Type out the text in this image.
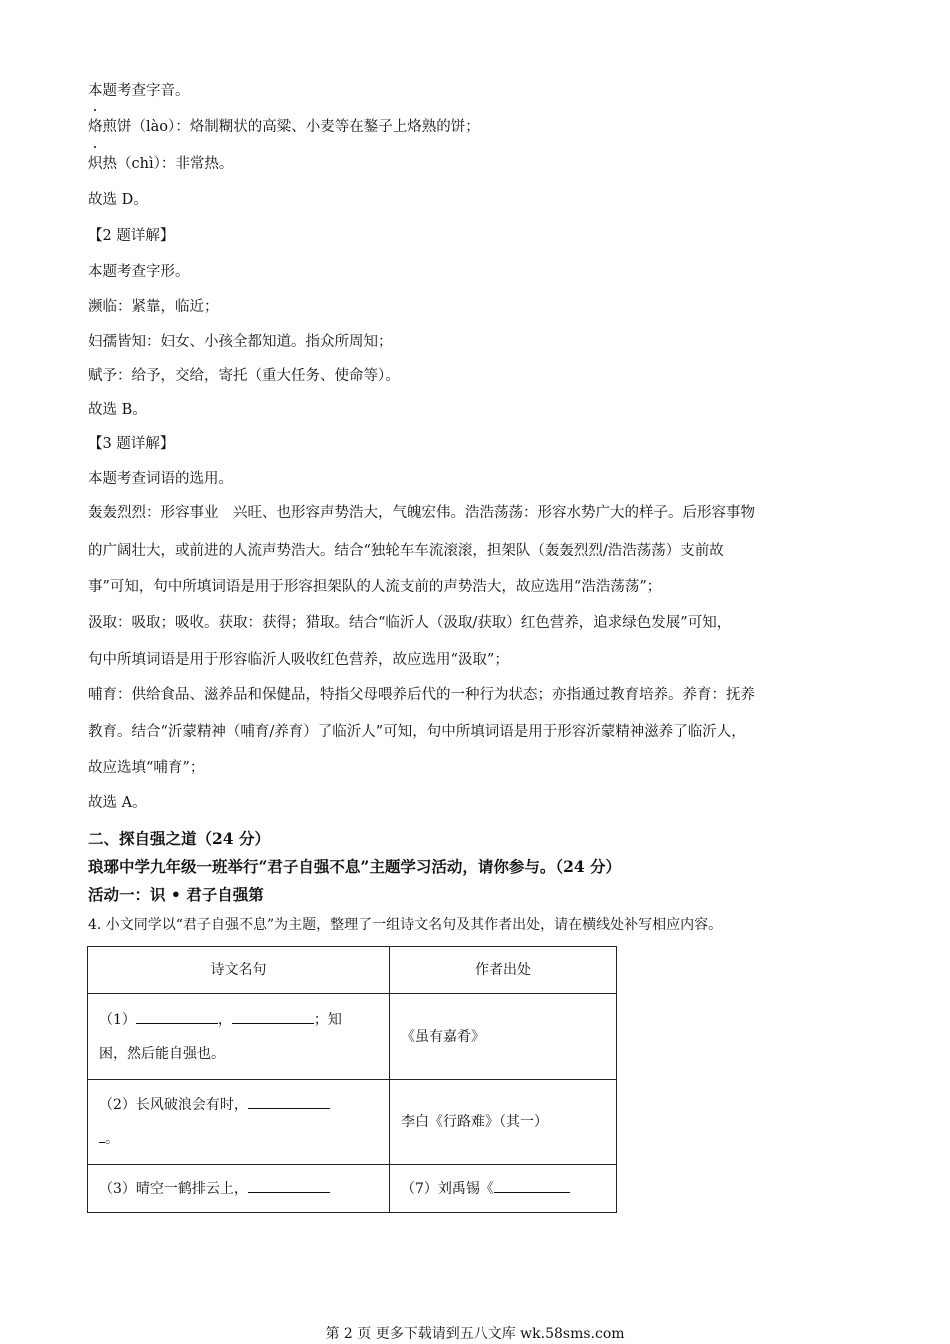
本题考查字音。
烙煎饼（lào）：烙制糊状的高粱、小麦等在鏊子上烙熟的饼；
炽热（chì）：非常热。
故选 D。
【2 题详解】
本题考查字形。
濒临：紧靠，临近；
妇孺皆知：妇女、小孩全都知道。指众所周知；
赋予：给予，交给，寄托（重大任务、使命等）。
故选 B。
【3 题详解】
本题考查词语的选用。
轰轰烈烈：形容事业　兴旺、也形容声势浩大，气魄宏伟。浩浩荡荡：形容水势广大的样子。后形容事物
的广阔壮大，或前进的人流声势浩大。结合“独轮车车流滚滚，担架队（轰轰烈烈/浩浩荡荡）支前故
事”可知，句中所填词语是用于形容担架队的人流支前的声势浩大，故应选用“浩浩荡荡”；
汲取：吸取；吸收。获取：获得；猎取。结合“临沂人（汲取/获取）红色营养，追求绿色发展”可知，
句中所填词语是用于形容临沂人吸收红色营养，故应选用“汲取”；
哺育：供给食品、滋养品和保健品，特指父母喂养后代的一种行为状态；亦指通过教育培养。养育：抚养
教育。结合“沂蒙精神（哺育/养育）了临沂人”可知，句中所填词语是用于形容沂蒙精神滋养了临沂人，
故应选填“哺育”；
故选 A。
二、探自强之道（24 分）
琅琊中学九年级一班举行“君子自强不息”主题学习活动，请你参与。（24 分）
活动一：识 • 君子自强第
4. 小文同学以“君子自强不息”为主题，整理了一组诗文名句及其作者出处，请在横线处补写相应内容。
诗文名句	作者出处
（1） ， ；知
困，然后能自强也。	《虽有嘉肴》
（2）长风破浪会有时，
。	李白《行路难》（其一）
（3）晴空一鹤排云上，	（7）刘禹锡《
第 2 页 更多下载请到五八文库 wk.58sms.com
